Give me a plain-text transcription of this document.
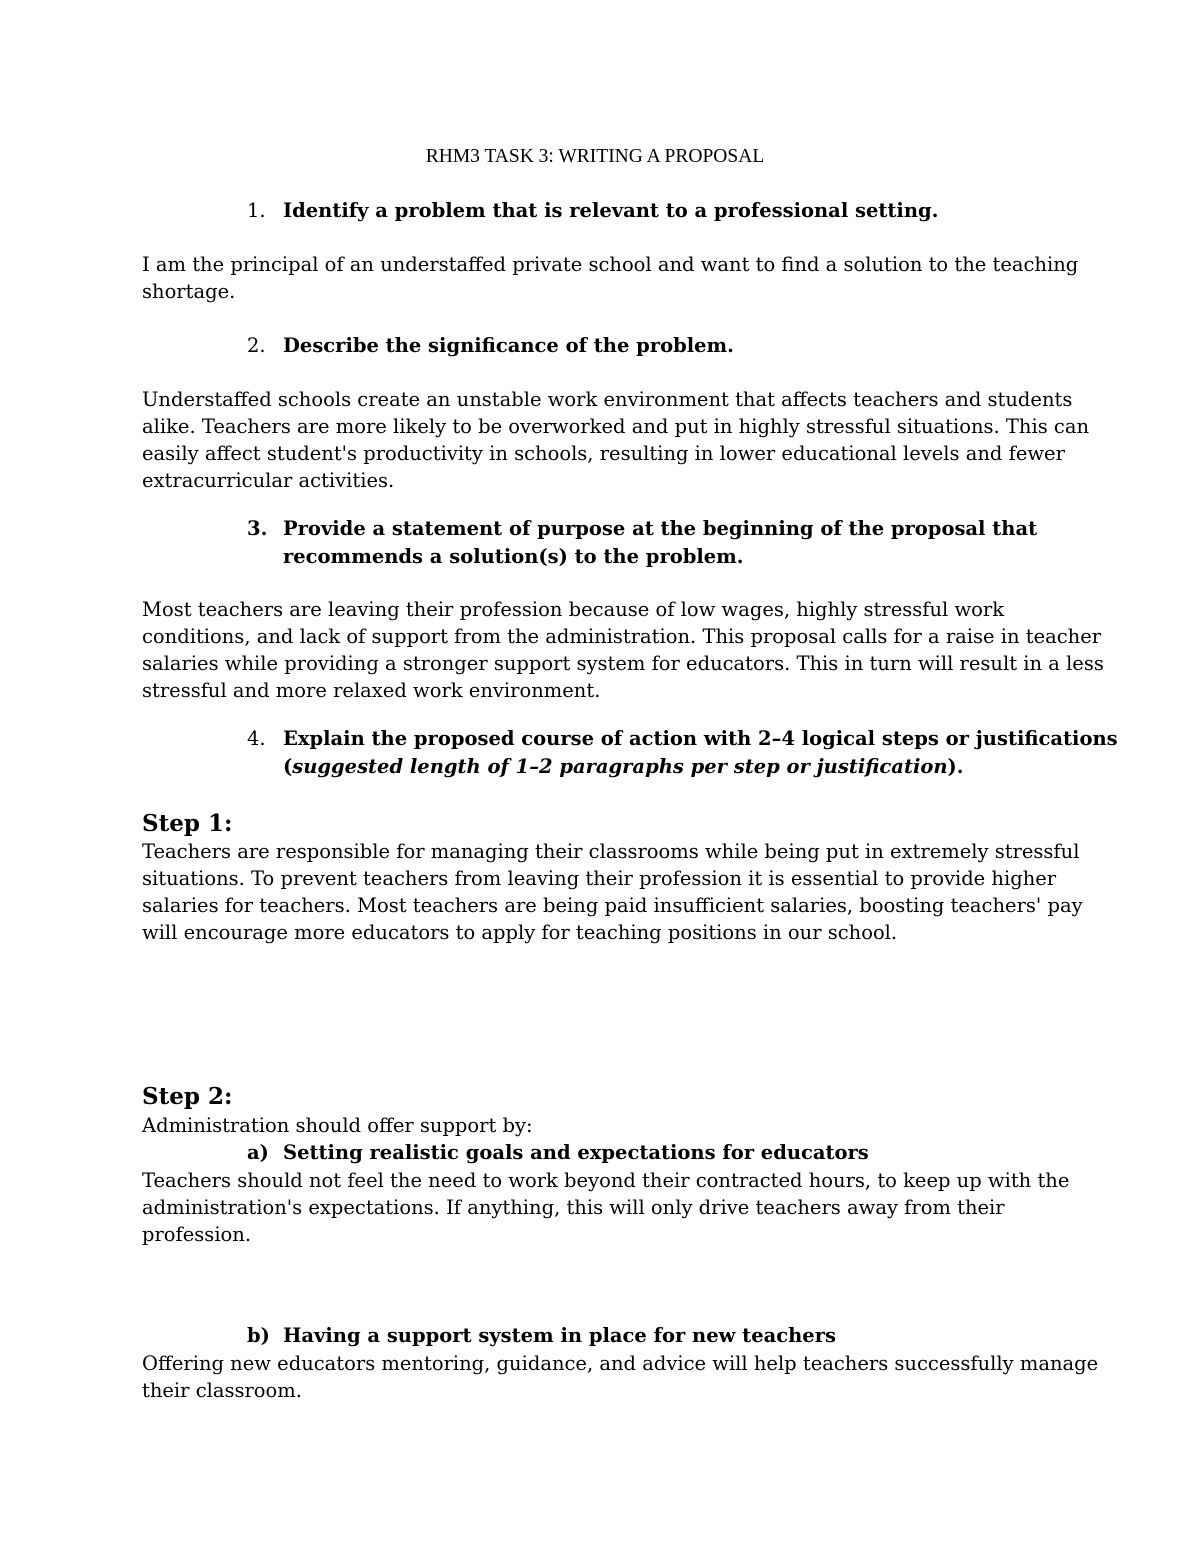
RHM3 TASK 3: WRITING A PROPOSAL
1. Identify a problem that is relevant to a professional setting.
I am the principal of an understaffed private school and want to find a solution to the teaching
shortage.
2. Describe the significance of the problem.
Understaffed schools create an unstable work environment that affects teachers and students
alike. Teachers are more likely to be overworked and put in highly stressful situations. This can
easily affect student's productivity in schools, resulting in lower educational levels and fewer
extracurricular activities.
3. Provide a statement of purpose at the beginning of the proposal that
recommends a solution(s) to the problem.
Most teachers are leaving their profession because of low wages, highly stressful work
conditions, and lack of support from the administration. This proposal calls for a raise in teacher
salaries while providing a stronger support system for educators. This in turn will result in a less
stressful and more relaxed work environment.
4. Explain the proposed course of action with 2–4 logical steps or justifications
(suggested length of 1–2 paragraphs per step or justification).
Step 1:
Teachers are responsible for managing their classrooms while being put in extremely stressful
situations. To prevent teachers from leaving their profession it is essential to provide higher
salaries for teachers. Most teachers are being paid insufficient salaries, boosting teachers' pay
will encourage more educators to apply for teaching positions in our school.
Step 2:
Administration should offer support by:
a) Setting realistic goals and expectations for educators
Teachers should not feel the need to work beyond their contracted hours, to keep up with the
administration's expectations. If anything, this will only drive teachers away from their
profession.
b) Having a support system in place for new teachers
Offering new educators mentoring, guidance, and advice will help teachers successfully manage
their classroom.
